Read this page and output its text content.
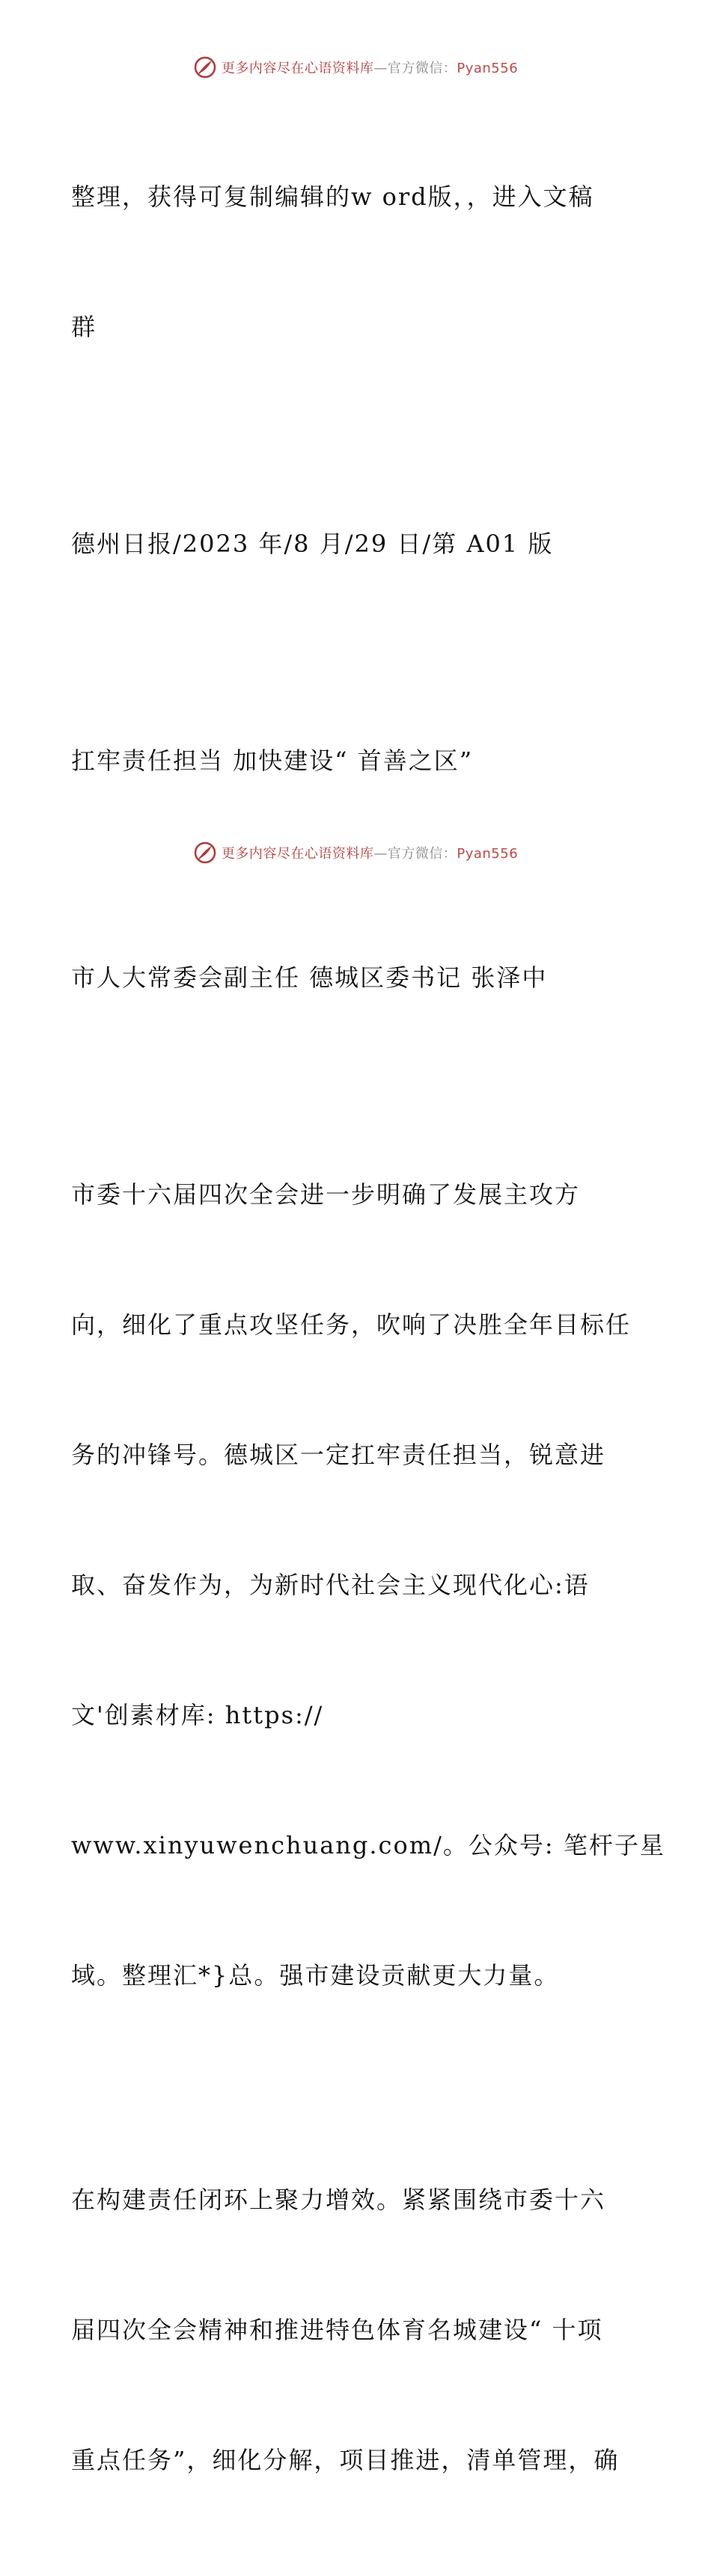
更多内容尽在心语资料库—官方微信：Pyan556

整理，获得可复制编辑的w ord版，，进入文稿

群

德州日报/2023 年/8 月/29 日/第 A01 版

扛牢责任担当 加快建设“ 首善之区”

市人大常委会副主任 德城区委书记 张泽中

市委十六届四次全会进一步明确了发展主攻方

向，细化了重点攻坚任务，吹响了决胜全年目标任

务的冲锋号。德城区一定扛牢责任担当，锐意进

取、奋发作为，为新时代社会主义现代化心:语

文'创素材库: https://

www.xinyuwenchuang.com/。公众号: 笔杆子星

域。整理汇*}总。强市建设贡献更大力量。

在构建责任闭环上聚力增效。紧紧围绕市委十六

届四次全会精神和推进特色体育名城建设“ 十项

重点任务”，细化分解，项目推进，清单管理，确

更多内容尽在心语资料库—官方微信：Pyan556
